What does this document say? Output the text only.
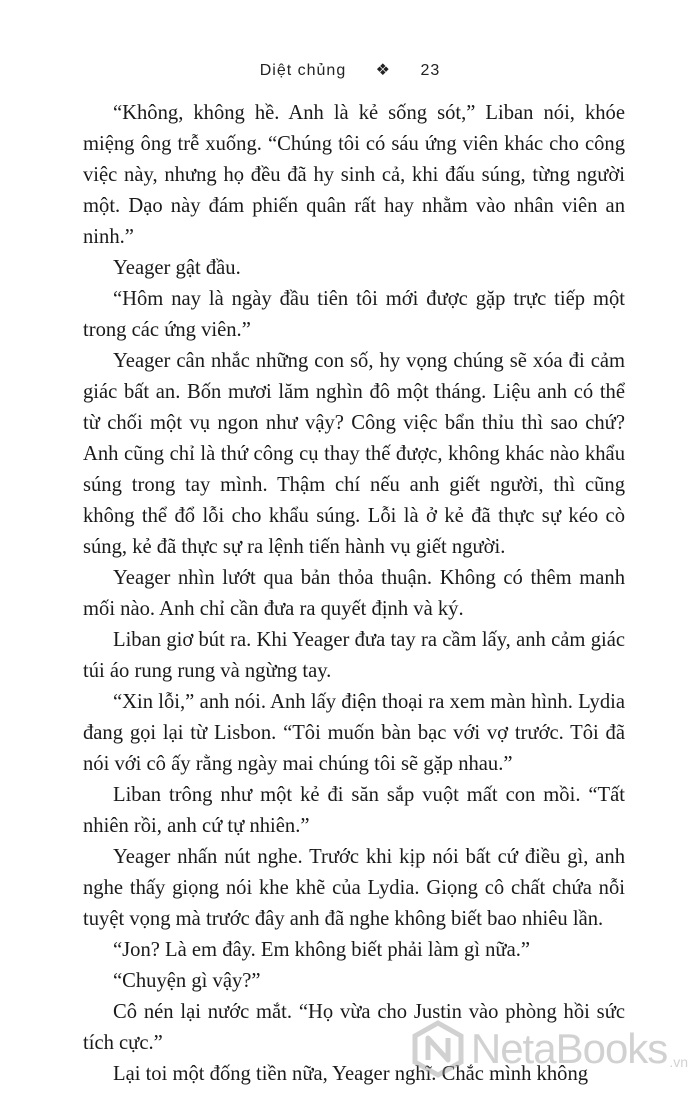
Diệt chủng ❖ 23

“Không, không hề. Anh là kẻ sống sót,” Liban nói, khóe miệng ông trễ xuống. “Chúng tôi có sáu ứng viên khác cho công việc này, nhưng họ đều đã hy sinh cả, khi đấu súng, từng người một. Dạo này đám phiến quân rất hay nhằm vào nhân viên an ninh.”

Yeager gật đầu.

“Hôm nay là ngày đầu tiên tôi mới được gặp trực tiếp một trong các ứng viên.”

Yeager cân nhắc những con số, hy vọng chúng sẽ xóa đi cảm giác bất an. Bốn mươi lăm nghìn đô một tháng. Liệu anh có thể từ chối một vụ ngon như vậy? Công việc bẩn thỉu thì sao chứ? Anh cũng chỉ là thứ công cụ thay thế được, không khác nào khẩu súng trong tay mình. Thậm chí nếu anh giết người, thì cũng không thể đổ lỗi cho khẩu súng. Lỗi là ở kẻ đã thực sự kéo cò súng, kẻ đã thực sự ra lệnh tiến hành vụ giết người.

Yeager nhìn lướt qua bản thỏa thuận. Không có thêm manh mối nào. Anh chỉ cần đưa ra quyết định và ký.

Liban giơ bút ra. Khi Yeager đưa tay ra cầm lấy, anh cảm giác túi áo rung rung và ngừng tay.

“Xin lỗi,” anh nói. Anh lấy điện thoại ra xem màn hình. Lydia đang gọi lại từ Lisbon. “Tôi muốn bàn bạc với vợ trước. Tôi đã nói với cô ấy rằng ngày mai chúng tôi sẽ gặp nhau.”

Liban trông như một kẻ đi săn sắp vuột mất con mồi. “Tất nhiên rồi, anh cứ tự nhiên.”

Yeager nhấn nút nghe. Trước khi kịp nói bất cứ điều gì, anh nghe thấy giọng nói khe khẽ của Lydia. Giọng cô chất chứa nỗi tuyệt vọng mà trước đây anh đã nghe không biết bao nhiêu lần.

“Jon? Là em đây. Em không biết phải làm gì nữa.”

“Chuyện gì vậy?”

Cô nén lại nước mắt. “Họ vừa cho Justin vào phòng hồi sức tích cực.”

Lại toi một đống tiền nữa, Yeager nghĩ. Chắc mình không

NetaBooks .vn
